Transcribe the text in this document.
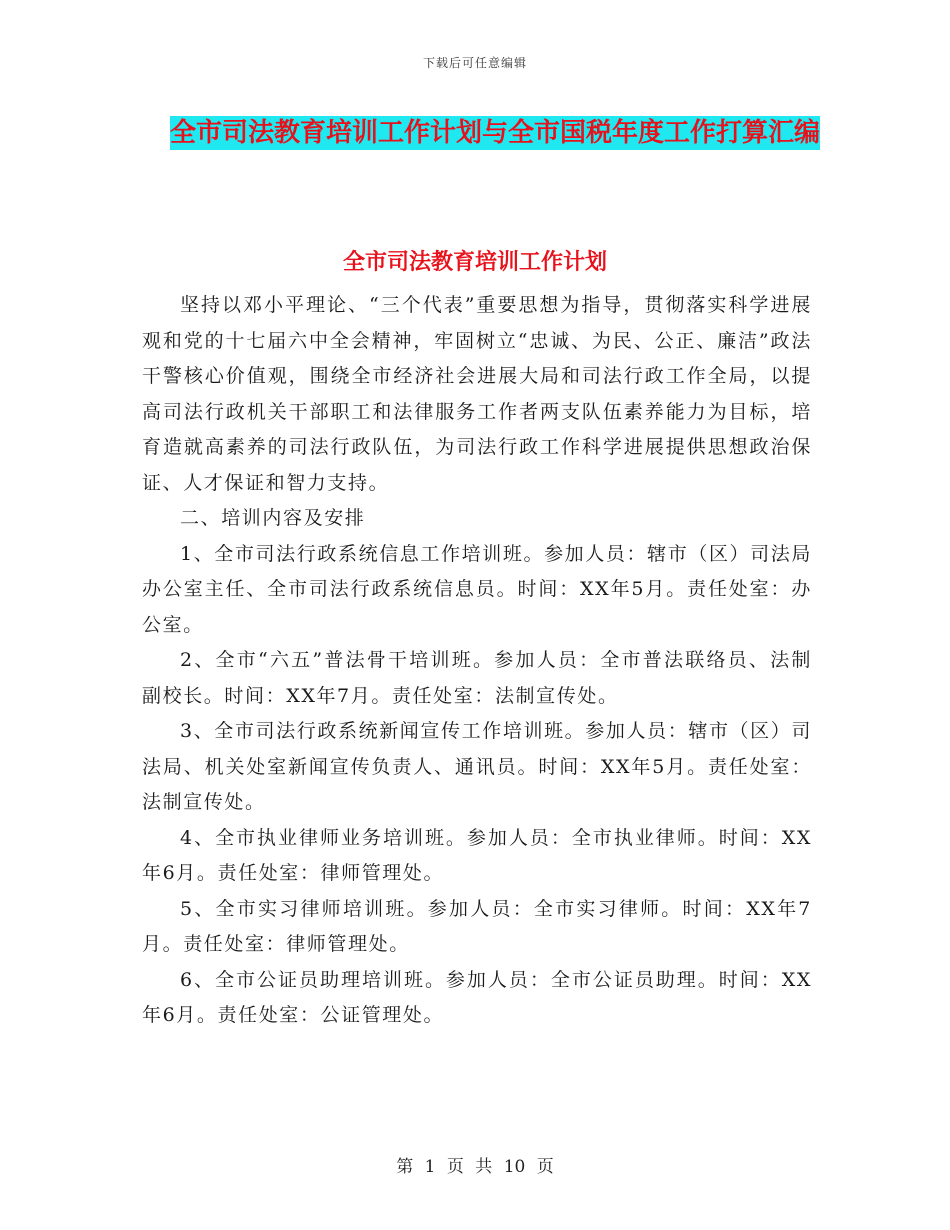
下载后可任意编辑
全市司法教育培训工作计划与全市国税年度工作打算汇编
全市司法教育培训工作计划

坚持以邓小平理论、“三个代表”重要思想为指导，贯彻落实科学进展观和党的十七届六中全会精神，牢固树立“忠诚、为民、公正、廉洁”政法干警核心价值观，围绕全市经济社会进展大局和司法行政工作全局，以提高司法行政机关干部职工和法律服务工作者两支队伍素养能力为目标，培育造就高素养的司法行政队伍，为司法行政工作科学进展提供思想政治保证、人才保证和智力支持。

二、培训内容及安排

1、全市司法行政系统信息工作培训班。参加人员：辖市（区）司法局办公室主任、全市司法行政系统信息员。时间：XX年5月。责任处室：办公室。

2、全市“六五”普法骨干培训班。参加人员：全市普法联络员、法制副校长。时间：XX年7月。责任处室：法制宣传处。

3、全市司法行政系统新闻宣传工作培训班。参加人员：辖市（区）司法局、机关处室新闻宣传负责人、通讯员。时间：XX年5月。责任处室：法制宣传处。

4、全市执业律师业务培训班。参加人员：全市执业律师。时间：XX年6月。责任处室：律师管理处。

5、全市实习律师培训班。参加人员：全市实习律师。时间：XX年7月。责任处室：律师管理处。

6、全市公证员助理培训班。参加人员：全市公证员助理。时间：XX年6月。责任处室：公证管理处。

第 1 页 共 10 页
